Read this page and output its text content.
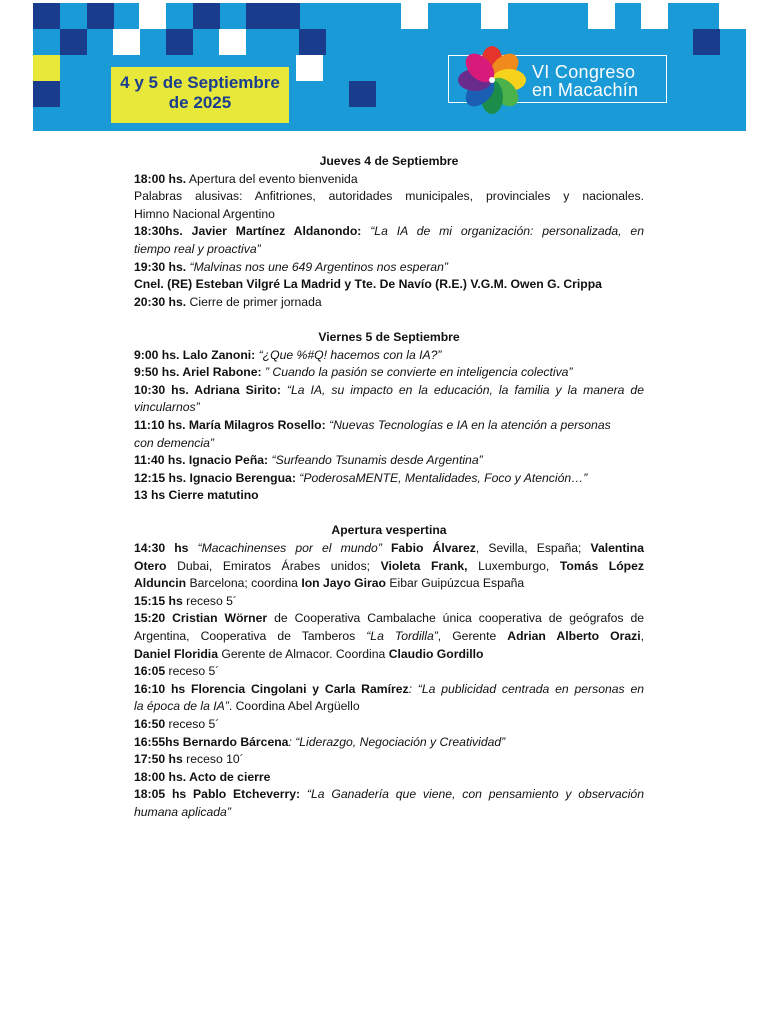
4 y 5 de Septiembre
de 2025
VI Congreso
en Macachín
Jueves 4 de Septiembre
18:00 hs. Apertura del evento bienvenida
Palabras alusivas: Anfitriones, autoridades municipales, provinciales y nacionales.
Himno Nacional Argentino
18:30hs. Javier Martínez Aldanondo: “La IA de mi organización: personalizada, en
tiempo real y proactiva”
19:30 hs. “Malvinas nos une 649 Argentinos nos esperan”
Cnel. (RE) Esteban Vilgré La Madrid y Tte. De Navío (R.E.) V.G.M. Owen G. Crippa
20:30 hs. Cierre de primer jornada
Viernes 5 de Septiembre
9:00 hs. Lalo Zanoni: “¿Que %#Q! hacemos con la IA?”
9:50 hs. Ariel Rabone: ” Cuando la pasión se convierte en inteligencia colectiva”
10:30 hs. Adriana Sirito: “La IA, su impacto en la educación, la familia y la manera de
vincularnos”
11:10 hs. María Milagros Rosello: “Nuevas Tecnologías e IA en la atención a personas
con demencia”
11:40 hs. Ignacio Peña: “Surfeando Tsunamis desde Argentina”
12:15 hs. Ignacio Berengua: “PoderosaMENTE, Mentalidades, Foco y Atención…”
13 hs Cierre matutino
Apertura vespertina
14:30 hs “Macachinenses por el mundo” Fabio Álvarez, Sevilla, España; Valentina
Otero Dubai, Emiratos Árabes unidos; Violeta Frank, Luxemburgo, Tomás López
Alduncin Barcelona; coordina Ion Jayo Girao Eibar Guipúzcua España
15:15 hs receso 5´
15:20 Cristian Wörner de Cooperativa Cambalache única cooperativa de geógrafos de
Argentina, Cooperativa de Tamberos “La Tordilla”, Gerente Adrian Alberto Orazi,
Daniel Floridia Gerente de Almacor. Coordina Claudio Gordillo
16:05 receso 5´
16:10 hs Florencia Cingolani y Carla Ramírez: “La publicidad centrada en personas en
la época de la IA”. Coordina Abel Argüello
16:50 receso 5´
16:55hs Bernardo Bárcena: “Liderazgo, Negociación y Creatividad”
17:50 hs receso 10´
18:00 hs. Acto de cierre
18:05 hs Pablo Etcheverry: “La Ganadería que viene, con pensamiento y observación
humana aplicada”
